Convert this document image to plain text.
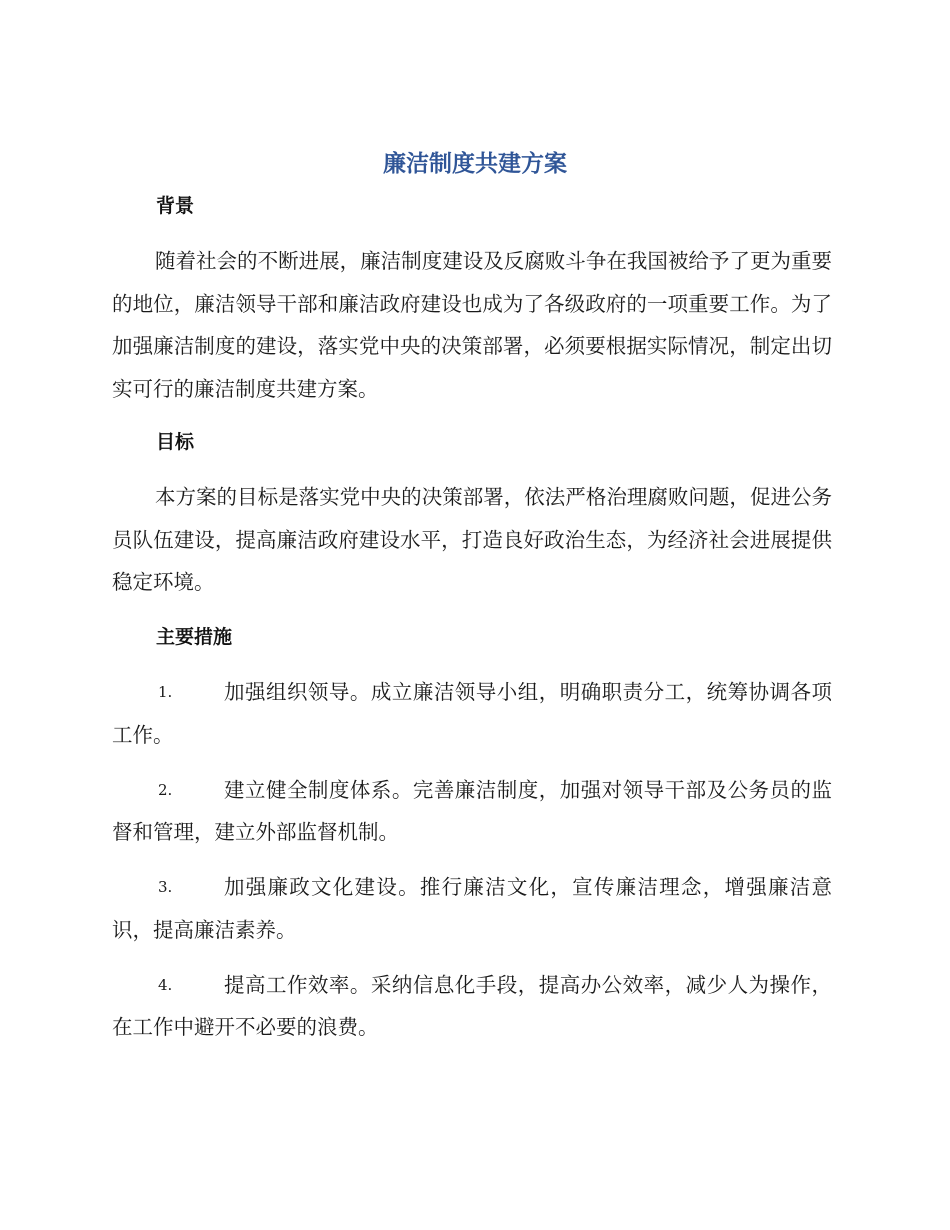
廉洁制度共建方案
背景
随着社会的不断进展，廉洁制度建设及反腐败斗争在我国被给予了更为重要的地位，廉洁领导干部和廉洁政府建设也成为了各级政府的一项重要工作。为了加强廉洁制度的建设，落实党中央的决策部署，必须要根据实际情况，制定出切实可行的廉洁制度共建方案。
目标
本方案的目标是落实党中央的决策部署，依法严格治理腐败问题，促进公务员队伍建设，提高廉洁政府建设水平，打造良好政治生态，为经济社会进展提供稳定环境。
主要措施
1.	加强组织领导。成立廉洁领导小组，明确职责分工，统筹协调各项工作。
2.	建立健全制度体系。完善廉洁制度，加强对领导干部及公务员的监督和管理，建立外部监督机制。
3.	加强廉政文化建设。推行廉洁文化，宣传廉洁理念，增强廉洁意识，提高廉洁素养。
4.	提高工作效率。采纳信息化手段，提高办公效率，减少人为操作，在工作中避开不必要的浪费。
